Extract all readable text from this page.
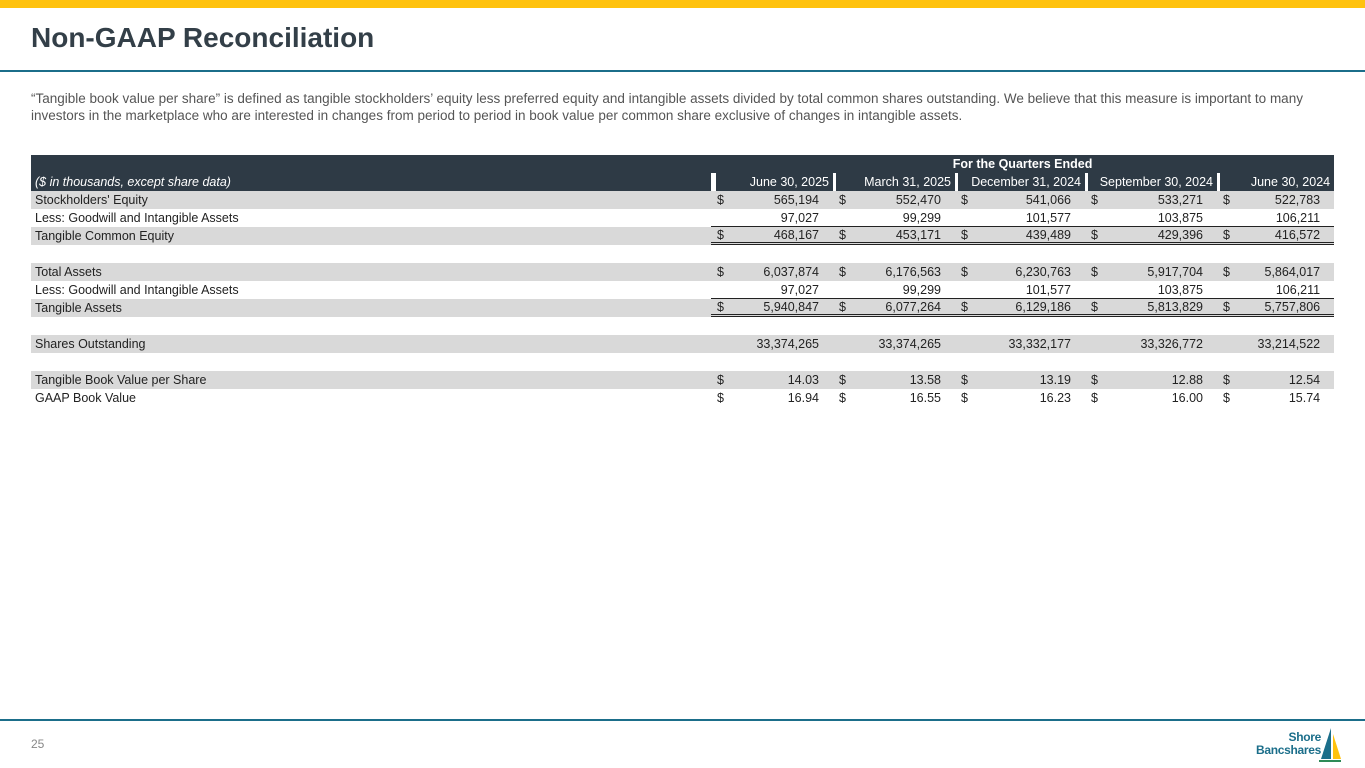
Non-GAAP Reconciliation

“Tangible book value per share” is defined as tangible stockholders’ equity less preferred equity and intangible assets divided by total common shares outstanding. We believe that this measure is important to many investors in the marketplace who are interested in changes from period to period in book value per common share exclusive of changes in intangible assets.

	For the Quarters Ended									
($ in thousands, except share data)	June 30, 2025		March 31, 2025		December 31, 2024		September 30, 2024		June 30, 2024	
Stockholders' Equity	$	565,194	$	552,470	$	541,066	$	533,271	$	522,783
Less: Goodwill and Intangible Assets		97,027		99,299		101,577		103,875		106,211
Tangible Common Equity	$	468,167	$	453,171	$	439,489	$	429,396	$	416,572

Total Assets	$	6,037,874	$	6,176,563	$	6,230,763	$	5,917,704	$	5,864,017
Less: Goodwill and Intangible Assets		97,027		99,299		101,577		103,875		106,211
Tangible Assets	$	5,940,847	$	6,077,264	$	6,129,186	$	5,813,829	$	5,757,806

Shares Outstanding		33,374,265		33,374,265		33,332,177		33,326,772		33,214,522

Tangible Book Value per Share	$	14.03	$	13.58	$	13.19	$	12.88	$	12.54
GAAP Book Value	$	16.94	$	16.55	$	16.23	$	16.00	$	15.74
25	Shore
Bancshares
